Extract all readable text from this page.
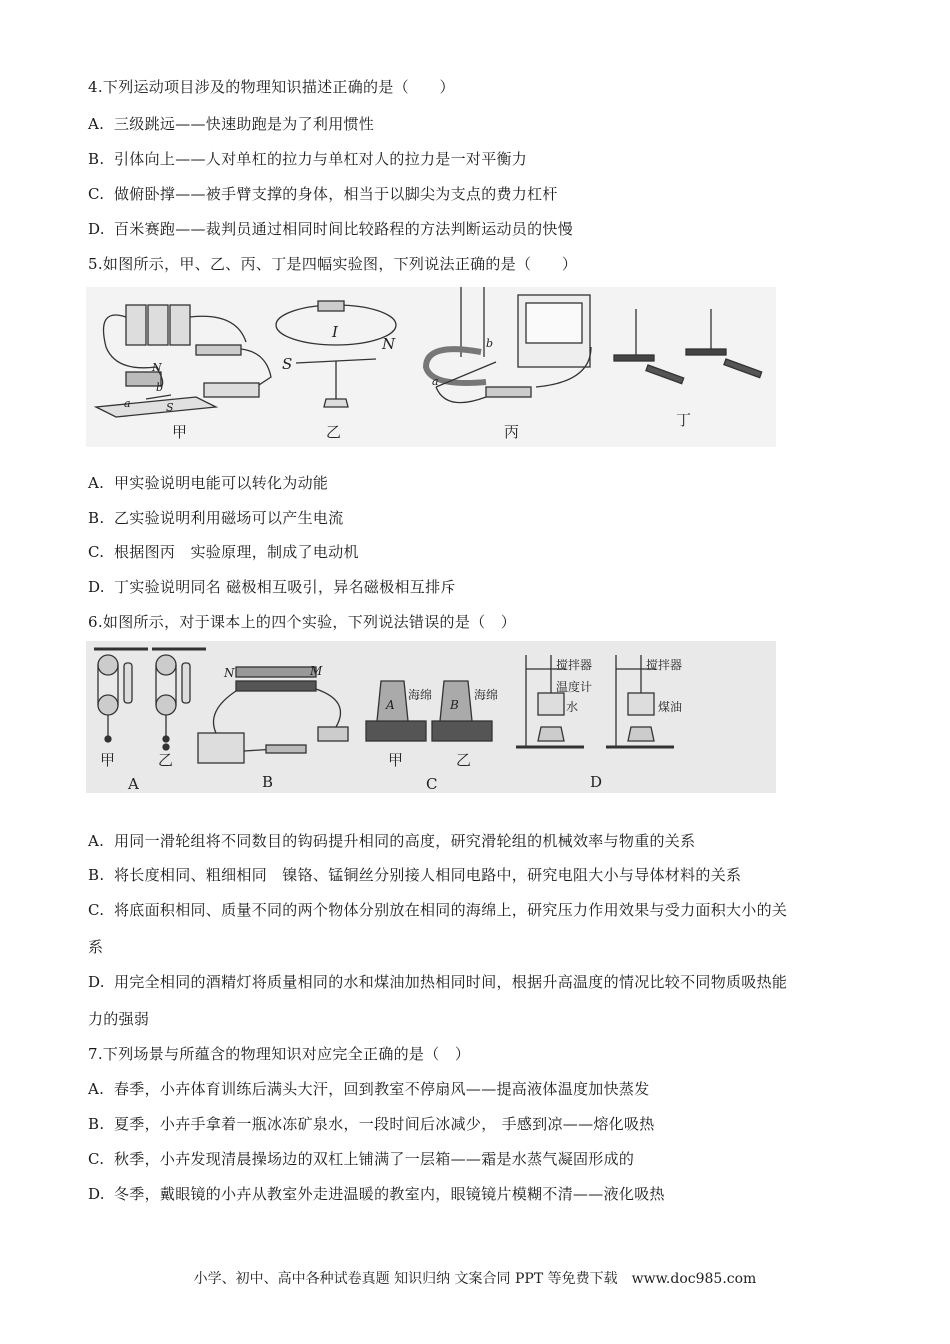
4.下列运动项目涉及的物理知识描述正确的是（　　）
A. 三级跳远——快速助跑是为了利用惯性
B. 引体向上——人对单杠的拉力与单杠对人的拉力是一对平衡力
C. 做俯卧撑——被手臂支撑的身体，相当于以脚尖为支点的费力杠杆
D. 百米赛跑——裁判员通过相同时间比较路程的方法判断运动员的快慢
5.如图所示，甲、乙、丙、丁是四幅实验图，下列说法正确的是（　　）
N
b
a	S
甲
I
S
N
乙
b
a
丙
丁
A. 甲实验说明电能可以转化为动能
B. 乙实验说明利用磁场可以产生电流
C. 根据图丙　实验原理，制成了电动机
D. 丁实验说明同名 磁极相互吸引，异名磁极相互排斥
6.如图所示，对于课本上的四个实验，下列说法错误的是（　）
甲	乙
A
N	M
B
A	B
海绵	海绵
甲	乙
C
搅拌器
温度计
水
搅拌器
煤油
D
A. 用同一滑轮组将不同数目的钩码提升相同的高度，研究滑轮组的机械效率与物重的关系
B. 将长度相同、粗细相同　镍铬、锰铜丝分别接人相同电路中，研究电阻大小与导体材料的关系
C. 将底面积相同、质量不同的两个物体分别放在相同的海绵上，研究压力作用效果与受力面积大小的关
系
D. 用完全相同的酒精灯将质量相同的水和煤油加热相同时间，根据升高温度的情况比较不同物质吸热能
力的强弱
7.下列场景与所蕴含的物理知识对应完全正确的是（　）
A. 春季，小卉体育训练后满头大汗，回到教室不停扇风——提高液体温度加快蒸发
B. 夏季，小卉手拿着一瓶冰冻矿泉水，一段时间后冰减少， 手感到凉——熔化吸热
C. 秋季，小卉发现清晨操场边的双杠上铺满了一层箱——霜是水蒸气凝固形成的
D. 冬季，戴眼镜的小卉从教室外走进温暖的教室内，眼镜镜片模糊不清——液化吸热
小学、初中、高中各种试卷真题 知识归纳 文案合同 PPT 等免费下载　www.doc985.com
